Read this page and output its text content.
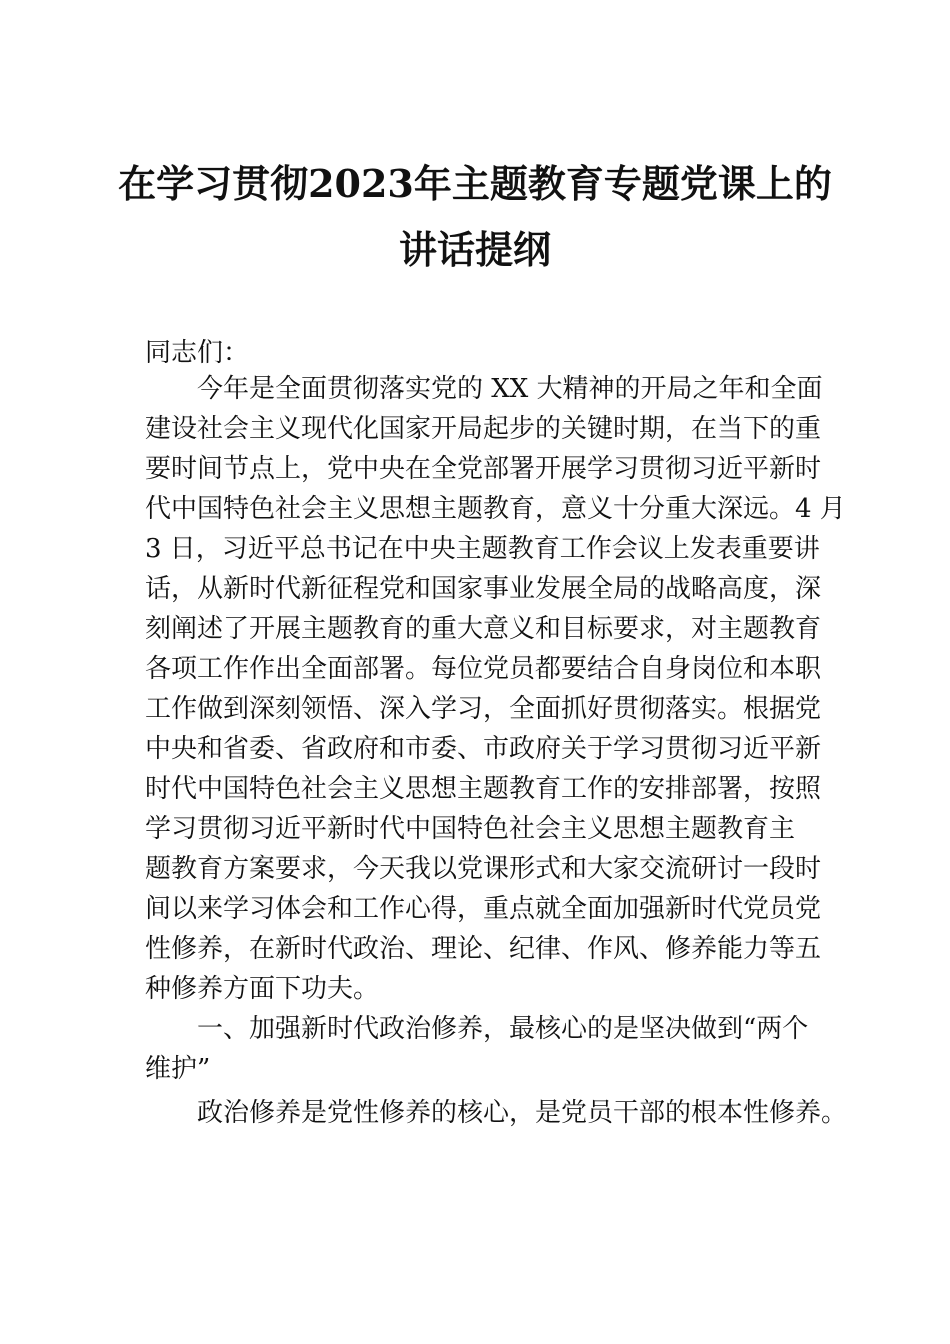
在学习贯彻2023年主题教育专题党课上的
讲话提纲
同志们：
今年是全面贯彻落实党的 XX 大精神的开局之年和全面
建设社会主义现代化国家开局起步的关键时期，在当下的重
要时间节点上，党中央在全党部署开展学习贯彻习近平新时
代中国特色社会主义思想主题教育，意义十分重大深远。4 月
3 日，习近平总书记在中央主题教育工作会议上发表重要讲
话，从新时代新征程党和国家事业发展全局的战略高度，深
刻阐述了开展主题教育的重大意义和目标要求，对主题教育
各项工作作出全面部署。每位党员都要结合自身岗位和本职
工作做到深刻领悟、深入学习，全面抓好贯彻落实。根据党
中央和省委、省政府和市委、市政府关于学习贯彻习近平新
时代中国特色社会主义思想主题教育工作的安排部署，按照
学习贯彻习近平新时代中国特色社会主义思想主题教育主
题教育方案要求，今天我以党课形式和大家交流研讨一段时
间以来学习体会和工作心得，重点就全面加强新时代党员党
性修养，在新时代政治、理论、纪律、作风、修养能力等五
种修养方面下功夫。
一、加强新时代政治修养，最核心的是坚决做到“两个
维护”
政治修养是党性修养的核心，是党员干部的根本性修养。
